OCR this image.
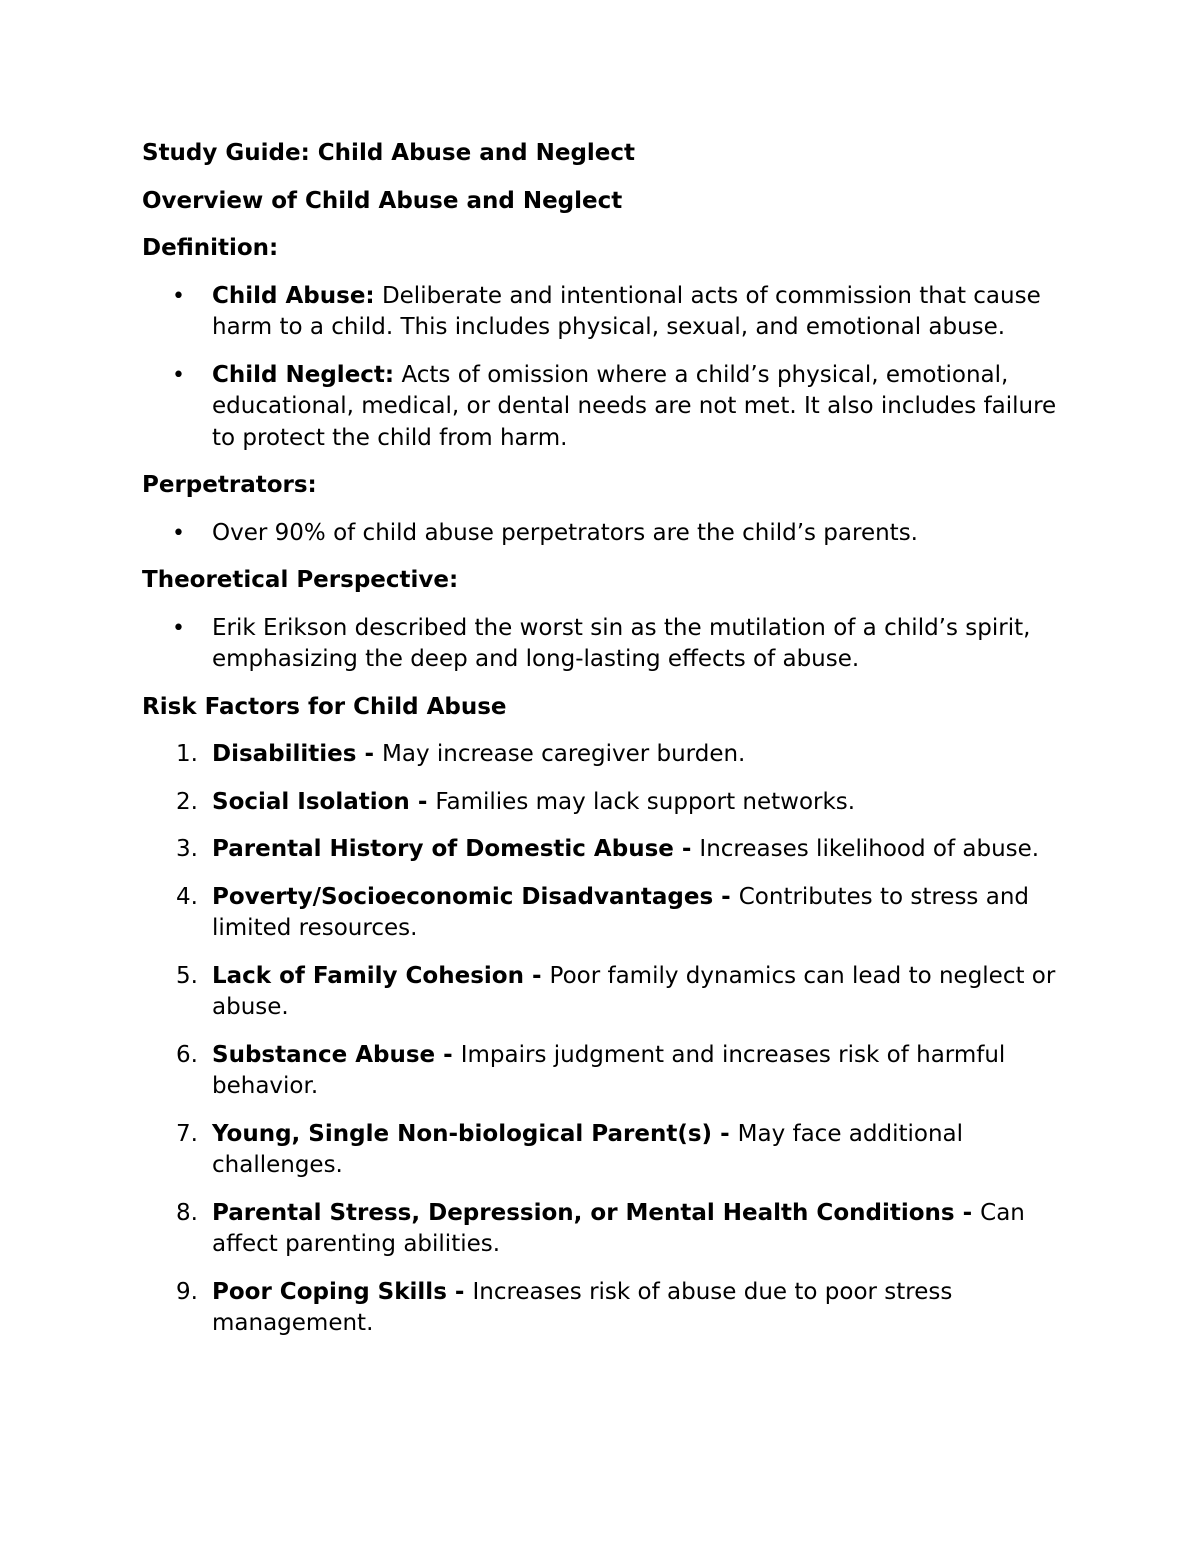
Study Guide: Child Abuse and Neglect
Overview of Child Abuse and Neglect
Definition:
• Child Abuse: Deliberate and intentional acts of commission that cause harm to a child. This includes physical, sexual, and emotional abuse.
• Child Neglect: Acts of omission where a child’s physical, emotional, educational, medical, or dental needs are not met. It also includes failure to protect the child from harm.
Perpetrators:
• Over 90% of child abuse perpetrators are the child’s parents.
Theoretical Perspective:
• Erik Erikson described the worst sin as the mutilation of a child’s spirit, emphasizing the deep and long-lasting effects of abuse.
Risk Factors for Child Abuse
1. Disabilities - May increase caregiver burden.
2. Social Isolation - Families may lack support networks.
3. Parental History of Domestic Abuse - Increases likelihood of abuse.
4. Poverty/Socioeconomic Disadvantages - Contributes to stress and limited resources.
5. Lack of Family Cohesion - Poor family dynamics can lead to neglect or abuse.
6. Substance Abuse - Impairs judgment and increases risk of harmful behavior.
7. Young, Single Non-biological Parent(s) - May face additional challenges.
8. Parental Stress, Depression, or Mental Health Conditions - Can affect parenting abilities.
9. Poor Coping Skills - Increases risk of abuse due to poor stress management.
